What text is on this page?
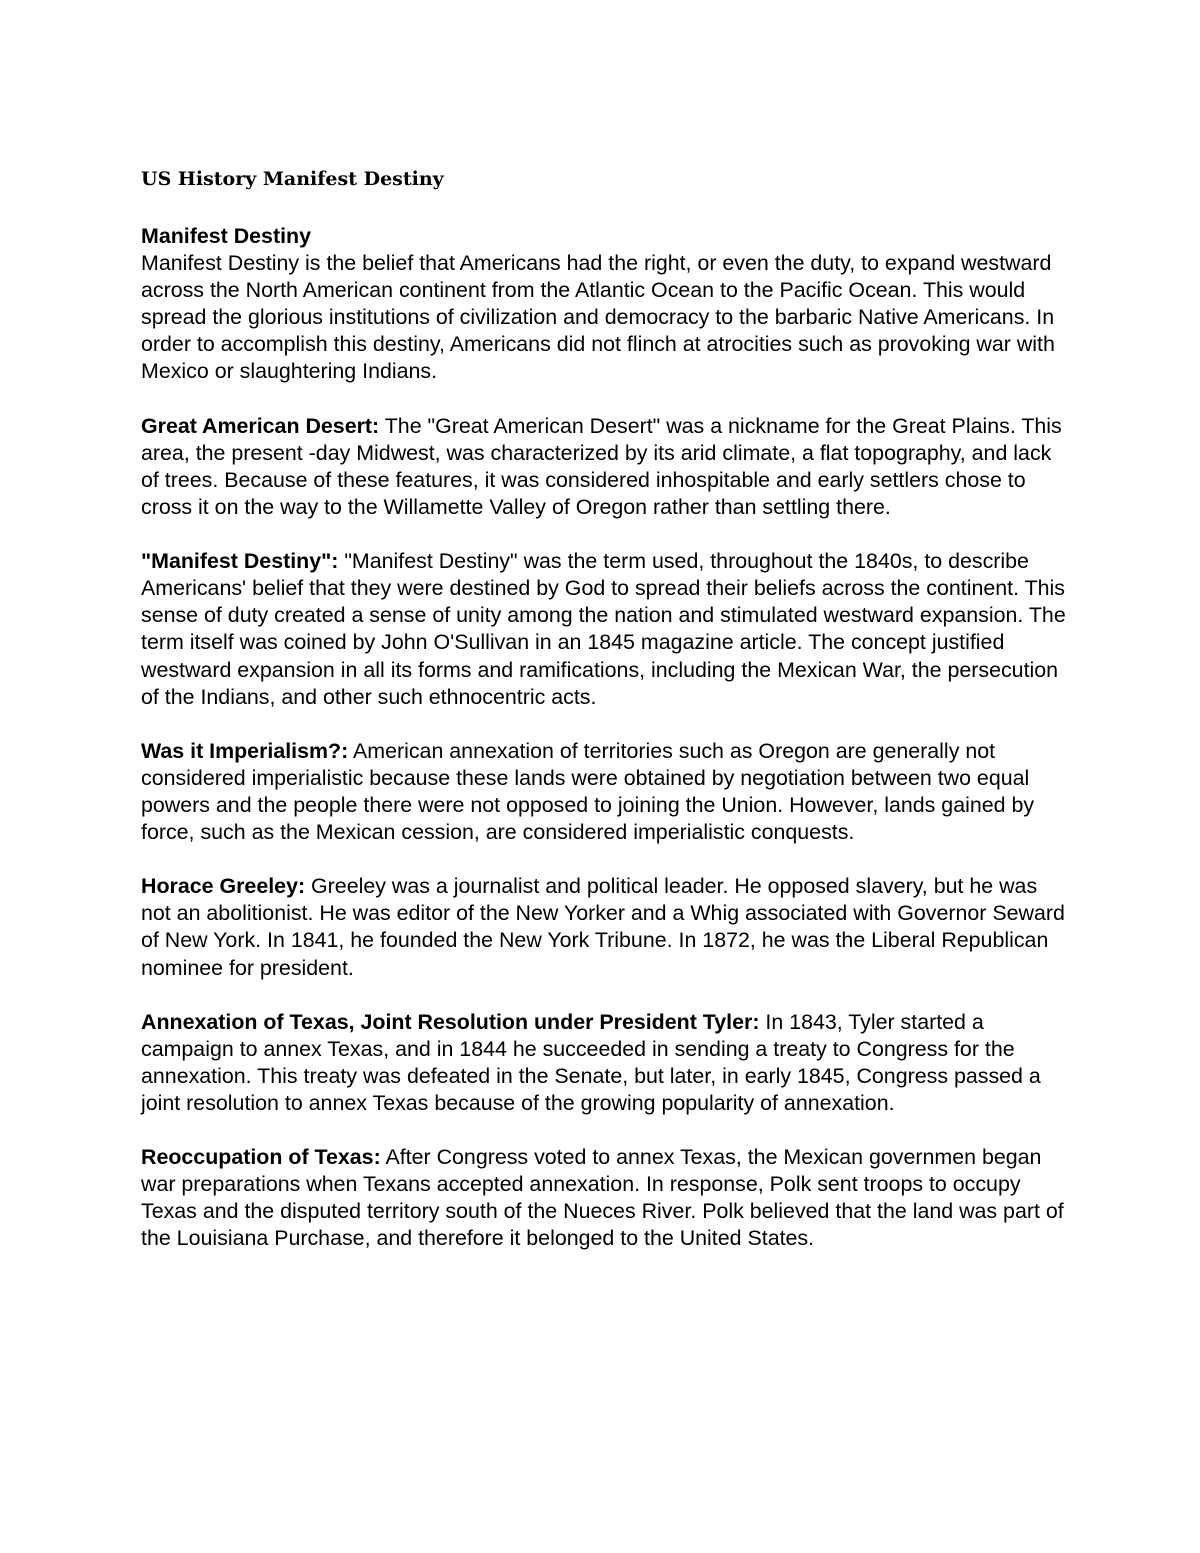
US History Manifest Destiny
Manifest Destiny

Manifest Destiny is the belief that Americans had the right, or even the duty, to expand westward across the North American continent from the Atlantic Ocean to the Pacific Ocean. This would spread the glorious institutions of civilization and democracy to the barbaric Native Americans. In order to accomplish this destiny, Americans did not flinch at atrocities such as provoking war with Mexico or slaughtering Indians.

Great American Desert: The "Great American Desert" was a nickname for the Great Plains. This area, the present -day Midwest, was characterized by its arid climate, a flat topography, and lack of trees. Because of these features, it was considered inhospitable and early settlers chose to cross it on the way to the Willamette Valley of Oregon rather than settling there.

"Manifest Destiny": "Manifest Destiny" was the term used, throughout the 1840s, to describe Americans' belief that they were destined by God to spread their beliefs across the continent. This sense of duty created a sense of unity among the nation and stimulated westward expansion. The term itself was coined by John O'Sullivan in an 1845 magazine article. The concept justified westward expansion in all its forms and ramifications, including the Mexican War, the persecution of the Indians, and other such ethnocentric acts.

Was it Imperialism?: American annexation of territories such as Oregon are generally not considered imperialistic because these lands were obtained by negotiation between two equal powers and the people there were not opposed to joining the Union. However, lands gained by force, such as the Mexican cession, are considered imperialistic conquests.

Horace Greeley: Greeley was a journalist and political leader. He opposed slavery, but he was not an abolitionist. He was editor of the New Yorker and a Whig associated with Governor Seward of New York. In 1841, he founded the New York Tribune. In 1872, he was the Liberal Republican nominee for president.

Annexation of Texas, Joint Resolution under President Tyler: In 1843, Tyler started a campaign to annex Texas, and in 1844 he succeeded in sending a treaty to Congress for the annexation. This treaty was defeated in the Senate, but later, in early 1845, Congress passed a joint resolution to annex Texas because of the growing popularity of annexation.

Reoccupation of Texas: After Congress voted to annex Texas, the Mexican governmen began war preparations when Texans accepted annexation. In response, Polk sent troops to occupy Texas and the disputed territory south of the Nueces River. Polk believed that the land was part of the Louisiana Purchase, and therefore it belonged to the United States.
